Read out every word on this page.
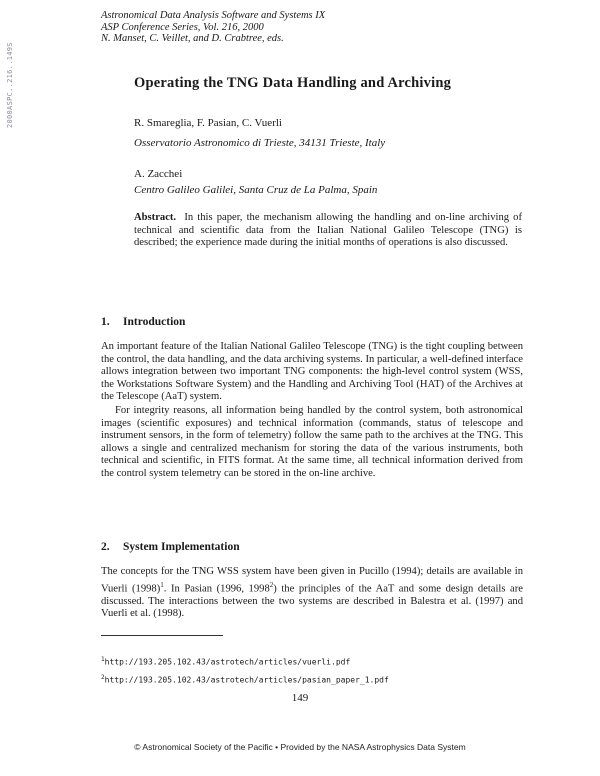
2000ASPC..216..149S
Astronomical Data Analysis Software and Systems IX
ASP Conference Series, Vol. 216, 2000
N. Manset, C. Veillet, and D. Crabtree, eds.
Operating the TNG Data Handling and Archiving
R. Smareglia, F. Pasian, C. Vuerli
Osservatorio Astronomico di Trieste, 34131 Trieste, Italy
A. Zacchei
Centro Galileo Galilei, Santa Cruz de La Palma, Spain
Abstract. In this paper, the mechanism allowing the handling and on-line archiving of technical and scientific data from the Italian National Galileo Telescope (TNG) is described; the experience made during the initial months of operations is also discussed.
1. Introduction
An important feature of the Italian National Galileo Telescope (TNG) is the tight coupling between the control, the data handling, and the data archiving systems. In particular, a well-defined interface allows integration between two important TNG components: the high-level control system (WSS, the Workstations Software System) and the Handling and Archiving Tool (HAT) of the Archives at the Telescope (AaT) system.
For integrity reasons, all information being handled by the control system, both astronomical images (scientific exposures) and technical information (commands, status of telescope and instrument sensors, in the form of telemetry) follow the same path to the archives at the TNG. This allows a single and centralized mechanism for storing the data of the various instruments, both technical and scientific, in FITS format. At the same time, all technical information derived from the control system telemetry can be stored in the on-line archive.
2. System Implementation
The concepts for the TNG WSS system have been given in Pucillo (1994); details are available in Vuerli $(1998)^1$. In Pasian (1996, 1998$^2$) the principles of the AaT and some design details are discussed. The interactions between the two systems are described in Balestra et al. (1997) and Vuerli et al. (1998).
$^1$http://193.205.102.43/astrotech/articles/vuerli.pdf
$^2$http://193.205.102.43/astrotech/articles/pasian_paper_1.pdf
149
© Astronomical Society of the Pacific • Provided by the NASA Astrophysics Data System
